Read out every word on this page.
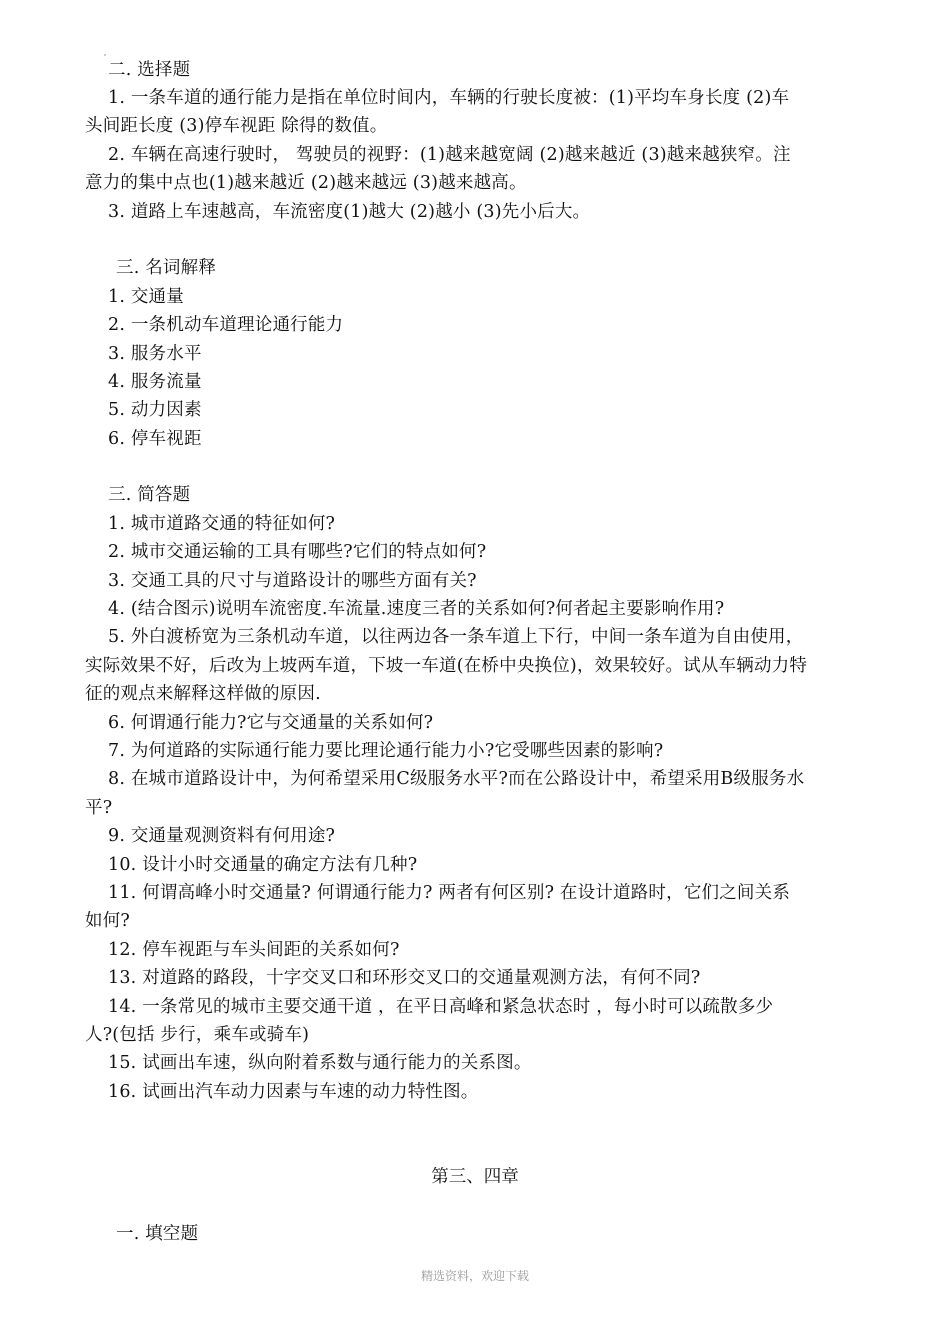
二. 选择题
1. 一条车道的通行能力是指在单位时间内，车辆的行驶长度被：(1)平均车身长度 (2)车
头间距长度 (3)停车视距 除得的数值。
2. 车辆在高速行驶时， 驾驶员的视野：(1)越来越宽阔 (2)越来越近 (3)越来越狭窄。注
意力的集中点也(1)越来越近 (2)越来越远 (3)越来越高。
3. 道路上车速越高，车流密度(1)越大 (2)越小 (3)先小后大。
三. 名词解释
1. 交通量
2. 一条机动车道理论通行能力
3. 服务水平
4. 服务流量
5. 动力因素
6. 停车视距
三. 简答题
1. 城市道路交通的特征如何?
2. 城市交通运输的工具有哪些?它们的特点如何?
3. 交通工具的尺寸与道路设计的哪些方面有关?
4. (结合图示)说明车流密度.车流量.速度三者的关系如何?何者起主要影响作用?
5. 外白渡桥宽为三条机动车道，以往两边各一条车道上下行，中间一条车道为自由使用，
实际效果不好，后改为上坡两车道，下坡一车道(在桥中央换位)，效果较好。试从车辆动力特
征的观点来解释这样做的原因.
6. 何谓通行能力?它与交通量的关系如何?
7. 为何道路的实际通行能力要比理论通行能力小?它受哪些因素的影响?
8. 在城市道路设计中，为何希望采用C级服务水平?而在公路设计中，希望采用B级服务水
平?
9. 交通量观测资料有何用途?
10. 设计小时交通量的确定方法有几种?
11. 何谓高峰小时交通量? 何谓通行能力? 两者有何区别? 在设计道路时，它们之间关系
如何?
12. 停车视距与车头间距的关系如何?
13. 对道路的路段，十字交叉口和环形交叉口的交通量观测方法，有何不同?
14. 一条常见的城市主要交通干道 ，在平日高峰和紧急状态时 ，每小时可以疏散多少
人?(包括 步行，乘车或骑车)
15. 试画出车速，纵向附着系数与通行能力的关系图。
16. 试画出汽车动力因素与车速的动力特性图。
第三、四章
一. 填空题
精选资料，欢迎下载
